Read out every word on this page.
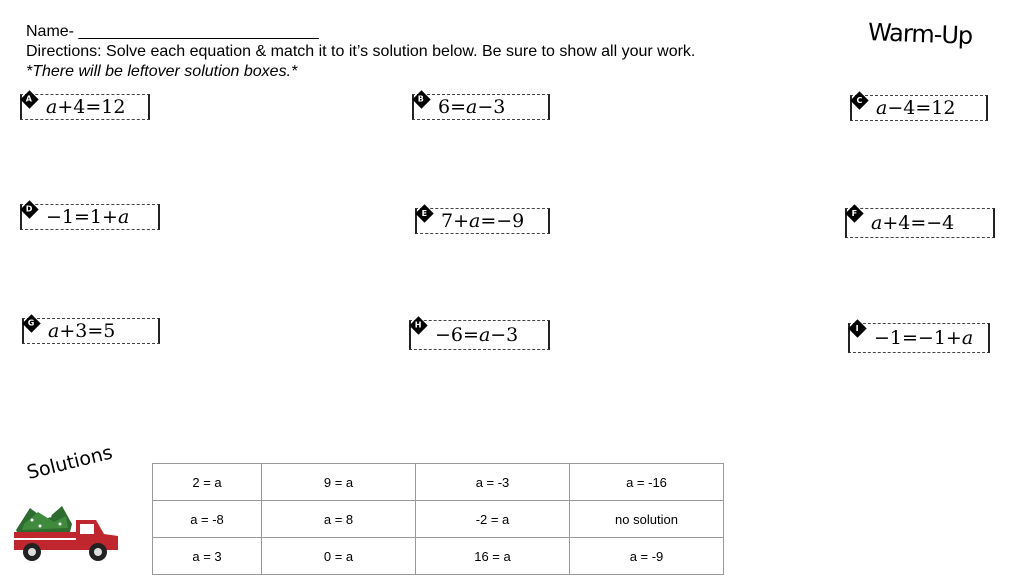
Name- ___________________________
Directions: Solve each equation & match it to it’s solution below. Be sure to show all your work.
*There will be leftover solution boxes.*
Warm-Up
A a +4=12	B 6= a −3	C a −4=12
D −1=1+ a	E 7+ a =−9	F a +4=−4
G a +3=5	H −6= a −3	I −1=−1+ a
Solutions	2 = a	9 = a	a = -3	a = -16
a = -8	a = 8	-2 = a	no solution
a = 3	0 = a	16 = a	a = -9
